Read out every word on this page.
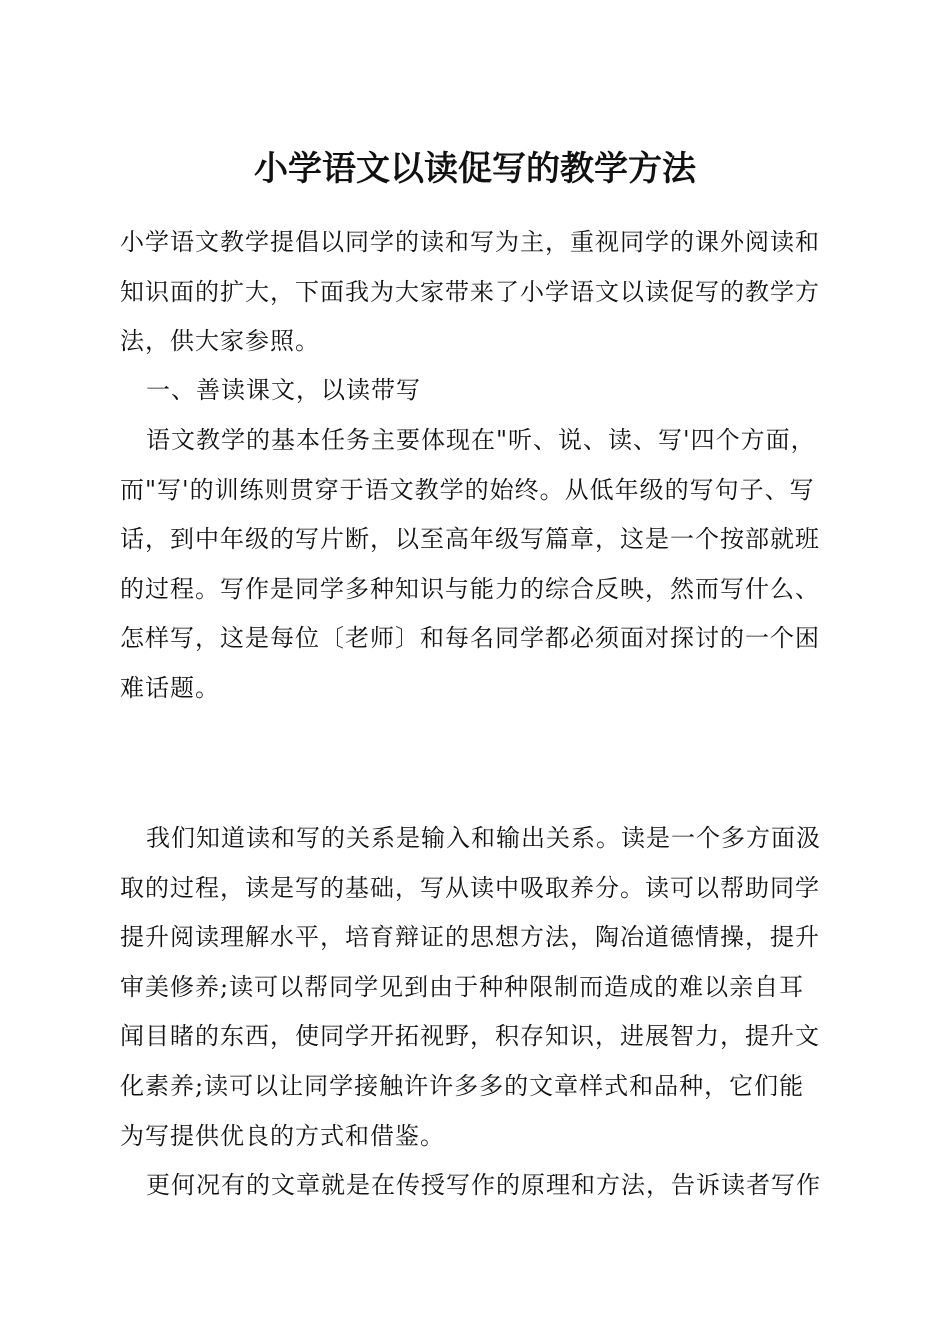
小学语文以读促写的教学方法
小学语文教学提倡以同学的读和写为主，重视同学的课外阅读和
知识面的扩大，下面我为大家带来了小学语文以读促写的教学方
法，供大家参照。
一、善读课文，以读带写
语文教学的基本任务主要体现在"听、说、读、写'四个方面，
而"写'的训练则贯穿于语文教学的始终。从低年级的写句子、写
话，到中年级的写片断，以至高年级写篇章，这是一个按部就班
的过程。写作是同学多种知识与能力的综合反映，然而写什么、
怎样写，这是每位〔老师〕和每名同学都必须面对探讨的一个困
难话题。
我们知道读和写的关系是输入和输出关系。读是一个多方面汲
取的过程，读是写的基础，写从读中吸取养分。读可以帮助同学
提升阅读理解水平，培育辩证的思想方法，陶冶道德情操，提升
审美修养;读可以帮同学见到由于种种限制而造成的难以亲自耳
闻目睹的东西，使同学开拓视野，积存知识，进展智力，提升文
化素养;读可以让同学接触许许多多的文章样式和品种，它们能
为写提供优良的方式和借鉴。
更何况有的文章就是在传授写作的原理和方法，告诉读者写作
